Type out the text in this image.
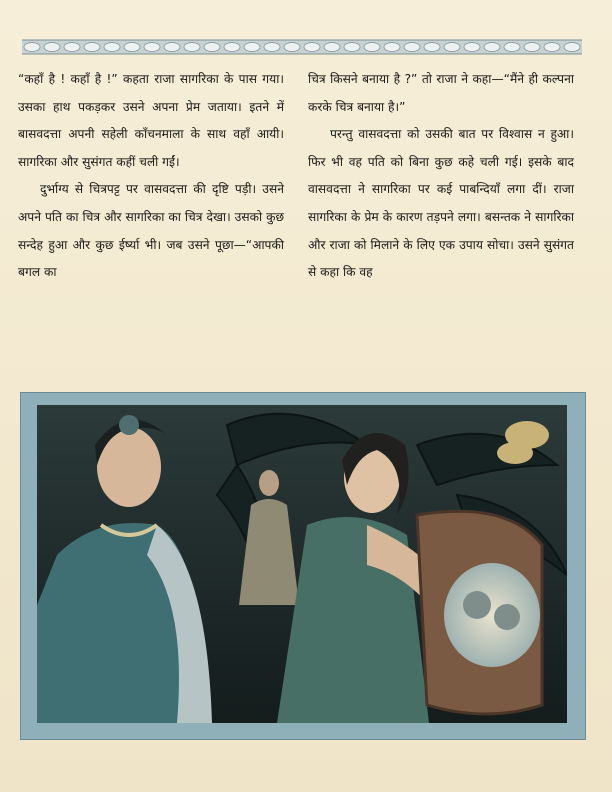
“कहाँ है ! कहाँ है !” कहता राजा सागरिका के पास गया। उसका हाथ पकड़कर उसने अपना प्रेम जताया। इतने में बासवदत्ता अपनी सहेली काँचनमाला के साथ वहाँ आयी। सागरिका और सुसंगत कहीं चली गईं।

दुर्भाग्य से चित्रपट्ट पर वासवदत्ता की दृष्टि पड़ी। उसने अपने पति का चित्र और सागरिका का चित्र देखा। उसको कुछ सन्देह हुआ और कुछ ईर्ष्या भी। जब उसने पूछा—“आपकी बगल का

चित्र किसने बनाया है ?” तो राजा ने कहा—“मैंने ही कल्पना करके चित्र बनाया है।”

परन्तु वासवदत्ता को उसकी बात पर विश्वास न हुआ। फिर भी वह पति को बिना कुछ कहे चली गई। इसके बाद वासवदत्ता ने सागरिका पर कई पाबन्दियाँ लगा दीं। राजा सागरिका के प्रेम के कारण तड़पने लगा। बसन्तक ने सागरिका और राजा को मिलाने के लिए एक उपाय सोचा। उसने सुसंगत से कहा कि वह
